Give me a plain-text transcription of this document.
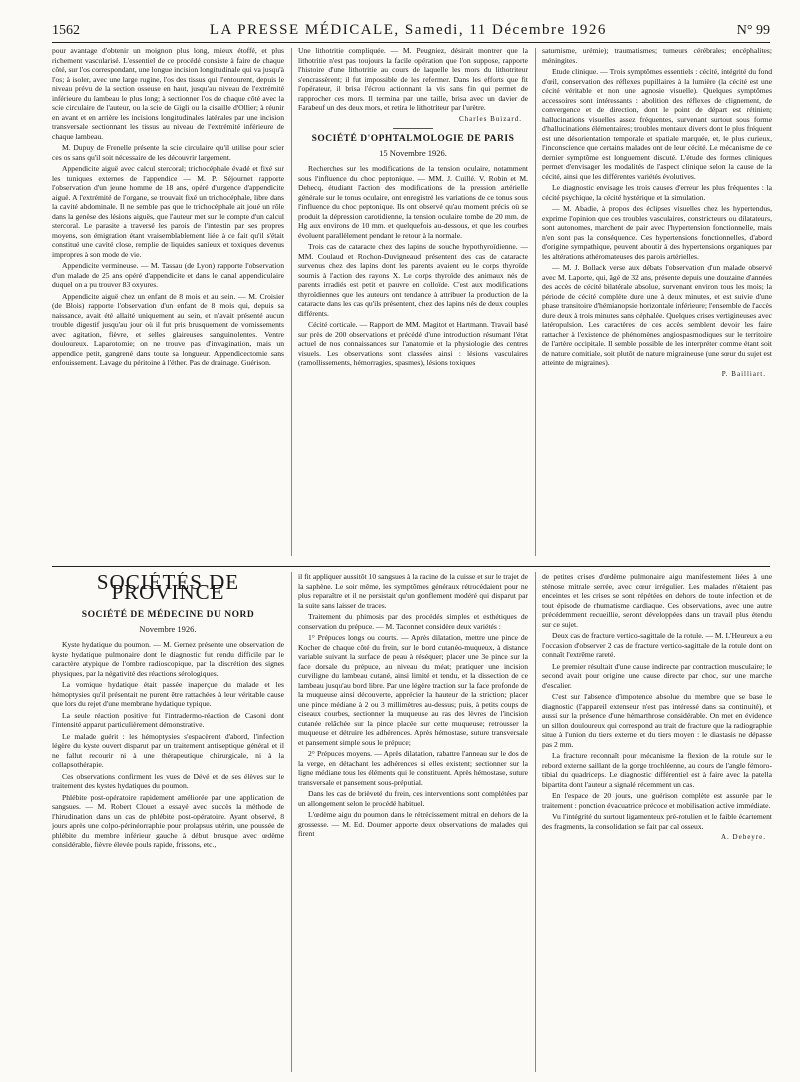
1562	LA PRESSE MÉDICALE, Samedi, 11 Décembre 1926	N° 99

pour avantage d'obtenir un moignon plus long, mieux étoffé, et plus richement vascularisé. L'essentiel de ce procédé consiste à faire de chaque côté, sur l'os correspondant, une longue incision longitudinale qui va jusqu'à l'os; à isoler, avec une large rugine, l'os des tissus qui l'entourent, depuis le niveau prévu de la section osseuse en haut, jusqu'au niveau de l'extrémité inférieure du lambeau le plus long; à sectionner l'os de chaque côté avec la scie circulaire de l'auteur, ou la scie de Gigli ou la cisaille d'Ollier; à réunir en avant et en arrière les incisions longitudinales latérales par une incision transversale sectionnant les tissus au niveau de l'extrémité inférieure de chaque lambeau.

M. Dupuy de Frenelle présente la scie circulaire qu'il utilise pour scier ces os sans qu'il soit nécessaire de les découvrir largement.

Appendicite aiguë avec calcul stercoral; trichocéphale évadé et fixé sur les tuniques externes de l'appendice — M. P. Séjournet rapporte l'observation d'un jeune homme de 18 ans, opéré d'urgence d'appendicite aiguë. A l'extrémité de l'organe, se trouvait fixé un trichocéphale, libre dans la cavité abdominale. Il ne semble pas que le trichocéphale ait joué un rôle dans la genèse des lésions aiguës, que l'auteur met sur le compte d'un calcul stercoral. Le parasite a traversé les parois de l'intestin par ses propres moyens, son émigration étant vraisemblablement liée à ce fait qu'il s'était constitué une cavité close, remplie de liquides sanieux et toxiques devenus impropres à son mode de vie.

Appendicite vermineuse. — M. Tassau (de Lyon) rapporte l'observation d'un malade de 25 ans opéré d'appendicite et dans le canal appendiculaire duquel on a pu trouver 83 oxyures.

Appendicite aiguë chez un enfant de 8 mois et au sein. — M. Croisier (de Blois) rapporte l'observation d'un enfant de 8 mois qui, depuis sa naissance, avait été allaité uniquement au sein, et n'avait présenté aucun trouble digestif jusqu'au jour où il fut pris brusquement de vomissements avec agitation, fièvre, et selles glaireuses sanguinolentes. Ventre douloureux. Laparotomie; on ne trouve pas d'invagination, mais un appendice petit, gangrené dans toute sa longueur. Appendicectomie sans enfouissement. Lavage du péritoine à l'éther. Pas de drainage. Guérison.

Une lithotritie compliquée. — M. Peugniez, désirait montrer que la lithotritie n'est pas toujours la facile opération que l'on suppose, rapporte l'histoire d'une lithotritie au cours de laquelle les mors du lithotriteur s'encrassèrent; il fut impossible de les refermer. Dans les efforts que fit l'opérateur, il brisa l'écrou actionnant la vis sans fin qui permet de rapprocher ces mors. Il termina par une taille, brisa avec un davier de Farabeuf un des deux mors, et retira le lithotriteur par l'urètre.

Charles Buizard.
SOCIÉTÉ D'OPHTALMOLOGIE DE PARIS
15 Novembre 1926.

Recherches sur les modifications de la tension oculaire, notamment sous l'influence du choc peptonique. — MM. J. Cuillé. V. Robin et M. Dehecq, étudiant l'action des modifications de la pression artérielle générale sur le tonus oculaire, ont enregistré les variations de ce tonus sous l'influence du choc peptonique. Ils ont observé qu'au moment précis où se produit la dépression carotidienne, la tension oculaire tombe de 20 mm. de Hg aux environs de 10 mm. et quelquefois au-dessous, et que les courbes évoluent parallèlement pendant le retour à la normale.

Trois cas de cataracte chez des lapins de souche hypothyroïdienne. — MM. Coulaud et Rochon-Duvigneaud présentent des cas de cataracte survenus chez des lapins dont les parents avaient eu le corps thyroïde soumis à l'action des rayons X. Le corps thyroïde des animaux nés de parents irradiés est petit et pauvre en colloïde. C'est aux modifications thyroïdiennes que les auteurs ont tendance à attribuer la production de la cataracte dans les cas qu'ils présentent, chez des lapins nés de deux couples différents.

Cécité corticale. — Rapport de MM. Magitot et Hartmann. Travail basé sur près de 200 observations et précédé d'une introduction résumant l'état actuel de nos connaissances sur l'anatomie et la physiologie des centres visuels. Les observations sont classées ainsi : lésions vasculaires (ramollissements, hémorragies, spasmes), lésions toxiques

saturnisme, urémie); traumatismes; tumeurs cérébrales; encéphalites; méningites.

Etude clinique. — Trois symptômes essentiels : cécité, intégrité du fond d'œil, conservation des réflexes pupillaires à la lumière (la cécité est une cécité véritable et non une agnosie visuelle). Quelques symptômes accessoires sont intéressants : abolition des réflexes de clignement, de convergence et de direction, dont le point de départ est rétinien; hallucinations visuelles assez fréquentes, survenant surtout sous forme d'hallucinations élémentaires; troubles mentaux divers dont le plus fréquent est une désorientation temporale et spatiale marquée, et, le plus curieux, l'inconscience que certains malades ont de leur cécité. Le mécanisme de ce dernier symptôme est longuement discuté. L'étude des formes cliniques permet d'envisager les modalités de l'aspect clinique selon la cause de la cécité, ainsi que les différentes variétés évolutives.

Le diagnostic envisage les trois causes d'erreur les plus fréquentes : la cécité psychique, la cécité hystérique et la simulation.

— M. Abadie, à propos des éclipses visuelles chez les hypertendus, exprime l'opinion que ces troubles vasculaires, constricteurs ou dilatateurs, sont autonomes, marchent de pair avec l'hypertension fonctionnelle, mais n'en sont pas la conséquence. Ces hypertensions fonctionnelles, d'abord d'origine sympathique, peuvent aboutir à des hypertensions organiques par les altérations athéromateuses des parois artérielles.

— M. J. Bollack verse aux débats l'observation d'un malade observé avec M. Laporte, qui, âgé de 32 ans, présente depuis une douzaine d'années des accès de cécité bilatérale absolue, survenant environ tous les mois; la période de cécité complète dure une à deux minutes, et est suivie d'une phase transitoire d'hémianopsie horizontale inférieure; l'ensemble de l'accès dure deux à trois minutes sans céphalée. Quelques crises vertigineuses avec latéropulsion. Les caractères de ces accès semblent devoir les faire rattacher à l'existence de phénomènes angiospasmodiques sur le territoire de l'artère occipitale. Il semble possible de les interpréter comme étant soit de nature comitiale, soit plutôt de nature migraineuse (une sœur du sujet est atteinte de migraines).

P. Bailliart.
SOCIÉTÉS DE PROVINCE
SOCIÉTÉ DE MÉDECINE DU NORD
Novembre 1926.

Kyste hydatique du poumon. — M. Gernez présente une observation de kyste hydatique pulmonaire dont le diagnostic fut rendu difficile par le caractère atypique de l'ombre radioscopique, par la discrétion des signes physiques, par la négativité des réactions sérologiques.

La vomique hydatique était passée inaperçue du malade et les hémoptysies qu'il présentait ne purent être rattachées à leur véritable cause que lors du rejet d'une membrane hydatique typique.

La seule réaction positive fut l'intradermo-réaction de Casoni dont l'intensité apparut particulièrement démonstrative.

Le malade guérit : les hémoptysies s'espacèrent d'abord, l'infection légère du kyste ouvert disparut par un traitement antiseptique général et il ne fallut recourir ni à une thérapeutique chirurgicale, ni à la collapsothérapie.

Ces observations confirment les vues de Dévé et de ses élèves sur le traitement des kystes hydatiques du poumon.

Phlébite post-opératoire rapidement améliorée par une application de sangsues. — M. Robert Clouet a essayé avec succès la méthode de l'hirudination dans un cas de phlébite post-opératoire. Ayant observé, 8 jours après une colpo-périnéorraphie pour prolapsus utérin, une poussée de phlébite du membre inférieur gauche à début brusque avec œdème considérable, fièvre élevée pouls rapide, frissons, etc.,

il fit appliquer aussitôt 10 sangsues à la racine de la cuisse et sur le trajet de la saphène. Le soir même, les symptômes généraux rétrocédaient pour ne plus reparaître et il ne persistait qu'un gonflement modéré qui disparut par la suite sans laisser de traces.

Traitement du phimosis par des procédés simples et esthétiques de conservation du prépuce. — M. Taconnet considère deux variétés :

1° Prépuces longs ou courts. — Après dilatation, mettre une pince de Kocher de chaque côté du frein, sur le bord cutanéo-muqueux, à distance variable suivant la surface de peau à réséquer; placer une 3e pince sur la face dorsale du prépuce, au niveau du méat; pratiquer une incision curviligne du lambeau cutané, ainsi limité et tendu, et la dissection de ce lambeau jusqu'au bord libre. Par une légère traction sur la face profonde de la muqueuse ainsi découverte, apprécier la hauteur de la striction; placer une pince médiane à 2 ou 3 millimètres au-dessus; puis, à petits coups de ciseaux courbes, sectionner la muqueuse au ras des lèvres de l'incision cutanée relâchée sur la pince placée sur cette muqueuse; retrousser la muqueuse et détruire les adhérences. Après hémostase, suture transversale et pansement simple sous le prépuce;

2° Prépuces moyens. — Après dilatation, rabattre l'anneau sur le dos de la verge, en détachant les adhérences si elles existent; sectionner sur la ligne médiane tous les éléments qui le constituent. Après hémostase, suture transversale et pansement sous-préputial.

Dans les cas de brièveté du frein, ces interventions sont complétées par un allongement selon le procédé habituel.

L'œdème aigu du poumon dans le rétrécissement mitral en dehors de la grossesse. — M. Ed. Doumer apporte deux observations de malades qui firent

de petites crises d'œdème pulmonaire aigu manifestement liées à une sténose mitrale serrée, avec cœur irrégulier. Les malades n'étaient pas enceintes et les crises se sont répétées en dehors de toute infection et de tout épisode de rhumatisme cardiaque. Ces observations, avec une autre précédemment recueillie, seront développées dans un travail plus étendu sur ce sujet.

Deux cas de fracture vertico-sagittale de la rotule. — M. L'Heureux a eu l'occasion d'observer 2 cas de fracture vertico-sagittale de la rotule dont on connaît l'extrême rareté.

Le premier résultait d'une cause indirecte par contraction musculaire; le second avait pour origine une cause directe par choc, sur une marche d'escalier.

C'est sur l'absence d'impotence absolue du membre que se base le diagnostic (l'appareil extenseur n'est pas intéressé dans sa continuité), et aussi sur la présence d'une hémarthrose considérable. On met en évidence un sillon douloureux qui correspond au trait de fracture que la radiographie situe à l'union du tiers externe et du tiers moyen : le diastasis ne dépasse pas 2 mm.

La fracture reconnaît pour mécanisme la flexion de la rotule sur le rebord externe saillant de la gorge trochléenne, au cours de l'angle fémoro-tibial du quadriceps. Le diagnostic différentiel est à faire avec la patella bipartita dont l'auteur a signalé récemment un cas.

En l'espace de 20 jours, une guérison complète est assurée par le traitement : ponction évacuatrice précoce et mobilisation active immédiate.

Vu l'intégrité du surtout ligamenteux pré-rotulien et le faible écartement des fragments, la consolidation se fait par cal osseux.

A. Debeyre.
